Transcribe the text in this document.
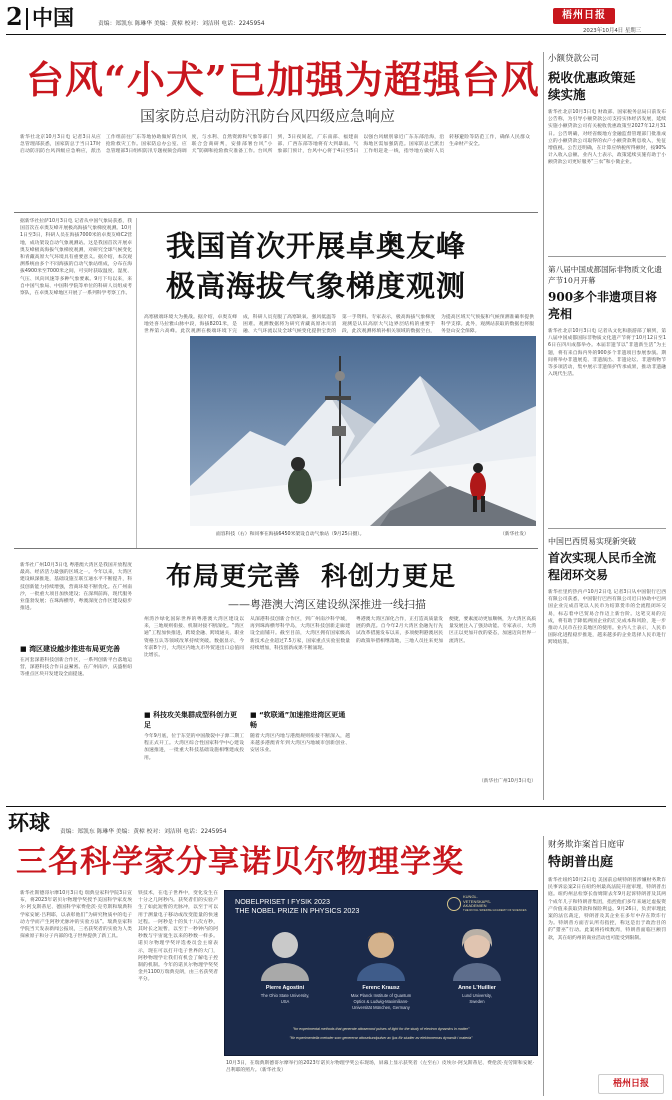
2 中国	责编：郑凯东 陈琳华 美编：黄樟 校对：刘洁琪 电话：2245954
梧州日报
2023年10月4日 星期三
台风“小犬”已加强为超强台风
国家防总启动防汛防台风四级应急响应
新华社北京10月3日电 记者3日从应急管理部获悉，国家防总于当日17时启动防汛防台风四级应急响应，派出工作组前往广东等地协助做好防台风抢险救灾工作。国家防总办公室、应急管理部3日组织防汛专题视频会商调度，与水利、自然资源和气象等部门联合会商研判，安排部署台风“小犬”防御和抢险救灾准备工作。台风所到，3日夜间起，广东南部、福建南部、广西东部等地将有大到暴雨。气象部门预计，台风中心将于4日至5日以强台风级别靠近广东东部沿海，沿海地区需加强防范。国家防总已派出工作组赶赴一线，指导地方做好人员转移避险等防范工作，确保人民群众生命财产安全。
小额贷款公司
税收优惠政策延续实施
新华社北京10月3日电 财政部、国家税务总局日前发布公告称，为引导小额贷款公司支持实体经济发展，延续实施小额贷款公司有关税收优惠政策至2027年12月31日。公告明确，对经省级地方金融监督管理部门批准成立的小额贷款公司取得的农户小额贷款利息收入，免征增值税。公告还明确，在计算应纳税所得额时，按90%计入收入总额。业内人士表示，政策延续实施有助于小额贷款公司更好服务“三农”和小微企业。
第八届中国成都国际非物质文化遗产节10月开幕
900多个非遗项目将亮相
新华社北京10月3日电 记者从文化和旅游部了解到，第八届中国成都国际非物质文化遗产节将于10月12日至16日在四川成都举办。本届非遗节以“非遗新生活”为主题，将有来自海内外的900多个非遗项目参展参演。期间将举办非遗展览、非遗演出、非遗论坛、非遗购物节等多项活动，集中展示非遗保护传承成果，推动非遗融入现代生活。
中国巴西贸易实现新突破
首次实现人民币全流程闭环交易
新华社里约热内卢10月2日电 记者3日从中国银行巴西有限公司获悉，中国银行巴西有限公司近日协助中巴两国企业完成首笔以人民币为结算货币的全流程闭环交易，标志着中巴贸易合作迈上新台阶。这笔交易的完成，将有助于降低两国企业的汇兑成本和风险，进一步推动人民币在拉美地区的使用。业内人士表示，人民币国际化进程稳步推进，越来越多的企业选择人民币进行跨境结算。
据新华社拉萨10月3日电 记者从中国气象局获悉，我国首次在卓奥友峰开展极高海拔气象梯度观测。10月1日至3日，科研人员在海拔7000米的卓奥友峰C2营地，成功架设自动气象观测站。这是我国首次开展卓奥友峰极高海拔气象梯度观测，对研究全球气候变化和青藏高原大气环境具有重要意义。据介绍，本次观测系统由多个不同海拔的自动气象站组成，分布在海拔4900米至7000米之间，可实时获取温度、湿度、气压、风向风速等多种气象要素。9月下旬以来，来自中国气象局、中国科学院等单位的科研人员组成考察队，在卓奥友峰地区开展了一系列科学考察工作。
我国首次开展卓奥友峰
极高海拔气象梯度观测
高寒极端环境大为挑战。据介绍，卓奥友峰地处喜马拉雅山脉中段，海拔8201米，是世界第六高峰。此次观测在极端环境下完成，科研人员克服了高寒缺氧、强风低温等困难。观测数据将为研究青藏高原冰川消融、大气环流以及全球气候变化提供宝贵的第一手资料。专家表示，极高海拔气象梯度观测是认识高原大气边界层结构的重要手段，此次观测将填补相关领域的数据空白，为提高区域天气预报和气候预测准确率提供科学支撑。此外，观测站获取的数据也将服务登山安全保障。
面容科技（右）和同事在海拔6450米架设自动气象站（9月25日摄）。	（新华社发）
布局更完善  科创力更足
——粤港澳大湾区建设纵深推进一线扫描
新华社广州10月3日电 粤港澳大湾区是我国开放程度最高、经济活力最强的区域之一。今年以来，大湾区建设纵深推进，基础设施互联互通水平不断提升，科技创新能力持续增强，营商环境不断优化。在广州南沙，一批重大项目加快建设；在深圳前海，现代服务业蓬勃发展；在珠海横琴，粤澳深度合作区建设稳步推进。
■ 湾区建设越步推进布局更完善
在河套深港科技创新合作区，一系列创新平台落地运营，深港科技合作日益紧密。在广州南沙，庆盛枢纽等重点区块开发建设全面提速。
州湾沙绿化国际世界的粤港澳大湾区建设以来，三地规则衔接、机制对接不断深化。“湾区通”工程加快推进，跨境金融、跨境通关、职业资格互认等领域改革持续突破。数据显示，今年前8个月，大湾区内地九市外贸进出口总值同比增长。
■ 科技攻关集群成型科创力更足
今年9月底，位于东莞的中国散裂中子源二期工程正式开工。大湾区综合性国家科学中心建设加速推进，一批重大科技基础设施相继建成投用。
从深港科技创新合作区，到广州南沙科学城，再到珠海横琴科学岛，大湾区科技创新走廊建设全面铺开。截至目前，大湾区拥有国家级高新技术企业超过7.5万家，国家重点实验室数量持续增加，科技创新成果不断涌现。
■ “软联通”加速推进湾区更通畅
随着大湾区内地与港澳规则衔接不断深入，越来越多港澳青年到大湾区内地城市创新创业、安居乐业。
粤港澳大湾区深化合作，正打造高质量发展的典范。自今年2月大湾区金融先行先试改革措施发布以来，多项便利港澳居民的政策举措相继落地，三地人员往来更加便捷，要素流动更加顺畅，为大湾区高质量发展注入了强劲动能。专家表示，大湾区正以更加开放的姿态，加速迈向世界一流湾区。
（新华社广州10月3日电）
环球 责编：郑凯东 陈琳华 美编：黄樟 校对：刘洁琪 电话：2245954
三名科学家分享诺贝尔物理学奖
新华社斯德哥尔摩10月3日电 瑞典皇家科学院3日宣布，将2023年诺贝尔物理学奖授予美国科学家皮埃尔·阿戈斯蒂尼、德国科学家费伦茨·克劳斯和瑞典科学家安妮·吕利耶，以表彰他们“为研究物质中的电子动力学而产生阿秒光脉冲的实验方法”。瑞典皇家科学院当天发表新闻公报说，三名获奖者的实验为人类探索原子和分子内部的电子世界提供了新工具。
铁技术，在电子世界中，变化发生在十分之几阿秒内。获奖者们的实验产生了如此短暂的光脉冲，以至于可以用于测量电子移动或改变能量的快速过程。一阿秒是十的负十八次方秒，其时长之短暂，以至于一秒钟内的阿秒数与宇宙诞生以来的秒数一样多。诺贝尔物理学奖评选委员会主席表示，现在可以打开电子世界的大门，阿秒物理学让我们有机会了解电子控制的机制。今年的诺贝尔物理学奖奖金共1100万瑞典克朗，由三名获奖者平分。
NOBELPRISET I FYSIK 2023
THE NOBEL PRIZE IN PHYSICS 2023
KUNGL.
VETENSKAPS-
AKADEMIEN
THE ROYAL SWEDISH ACADEMY OF SCIENCES
Pierre Agostini
The Ohio State University,
USA
Ferenc Krausz
Max Planck Institute of Quantum
Optics & Ludwig-Maximilians-
Universität München, Germany
Anne L'Huillier
Lund University,
Sweden
"for experimental methods that generate attosecond pulses of light for the study of electron dynamics in matter"
"för experimentella metoder som genererar attosekundpulser av ljus för studier av elektronernas dynamik i materia"
10月3日，在瑞典斯德哥尔摩举行的2023年诺贝尔物理学奖公布现场，屏幕上显示获奖者（左至右）皮埃尔·阿戈斯蒂尼、费伦茨·克劳斯和安妮·吕利耶的照片。（新华社发）
财务欺诈案首日庭审
特朗普出庭
新华社纽约10月2日电 美国前总统特朗普涉嫌财务欺诈民事诉讼案2日在纽约州最高法院开庭审理，特朗普出庭。纽约州总检察长詹姆斯去年9月起诉特朗普及其两个成年儿子和特朗普集团，指控他们多年来通过虚报资产价值来获取贷款和保险利益。9月26日，负责审理此案的法官裁定，特朗普及其企业在多年中存在欺诈行为。特朗普方面否认所有指控，称这是出于政治目的的“猎巫”行动。此案将持续数周，特朗普面临巨额罚款，其在纽约州的商业活动也可能受到限制。
梧州日报
